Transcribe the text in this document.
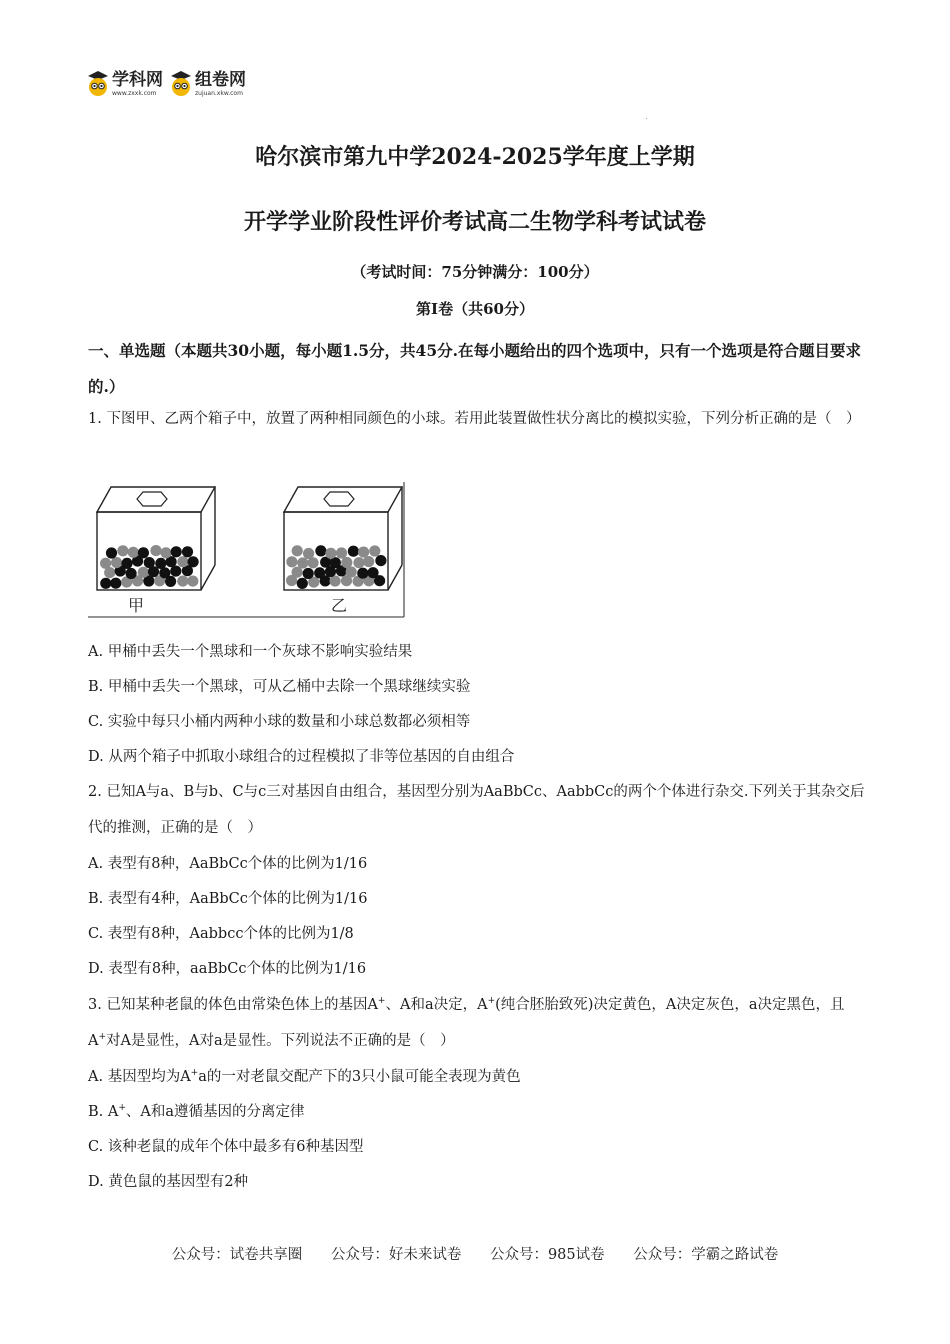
学科网
www.zxxk.com
组卷网
zujuan.xkw.com
哈尔滨市第九中学2024-2025学年度上学期
开学学业阶段性评价考试高二生物学科考试试卷
（考试时间：75分钟满分：100分）
第Ⅰ卷（共60分）
一、单选题（本题共30小题，每小题1.5分，共45分.在每小题给出的四个选项中，只有一个选项是符合题目要求的.）
1. 下图甲、乙两个箱子中，放置了两种相同颜色的小球。若用此装置做性状分离比的模拟实验，下列分析正确的是（　）
甲	乙
A. 甲桶中丢失一个黑球和一个灰球不影响实验结果
B. 甲桶中丢失一个黑球，可从乙桶中去除一个黑球继续实验
C. 实验中每只小桶内两种小球的数量和小球总数都必须相等
D. 从两个箱子中抓取小球组合的过程模拟了非等位基因的自由组合
2. 已知A与a、B与b、C与c三对基因自由组合，基因型分别为AaBbCc、AabbCc的两个个体进行杂交.下列关于其杂交后代的推测，正确的是（　）
A. 表型有8种，AaBbCc个体的比例为1/16
B. 表型有4种，AaBbCc个体的比例为1/16
C. 表型有8种，Aabbcc个体的比例为1/8
D. 表型有8种，aaBbCc个体的比例为1/16
3. 已知某种老鼠的体色由常染色体上的基因A+、A和a决定，A+(纯合胚胎致死)决定黄色，A决定灰色，a决定黑色，且A+对A是显性，A对a是显性。下列说法不正确的是（　）
A. 基因型均为A+a的一对老鼠交配产下的3只小鼠可能全表现为黄色
B. A+、A和a遵循基因的分离定律
C. 该种老鼠的成年个体中最多有6种基因型
D. 黄色鼠的基因型有2种
公众号：试卷共享圈 公众号：好未来试卷 公众号：985试卷 公众号：学霸之路试卷
